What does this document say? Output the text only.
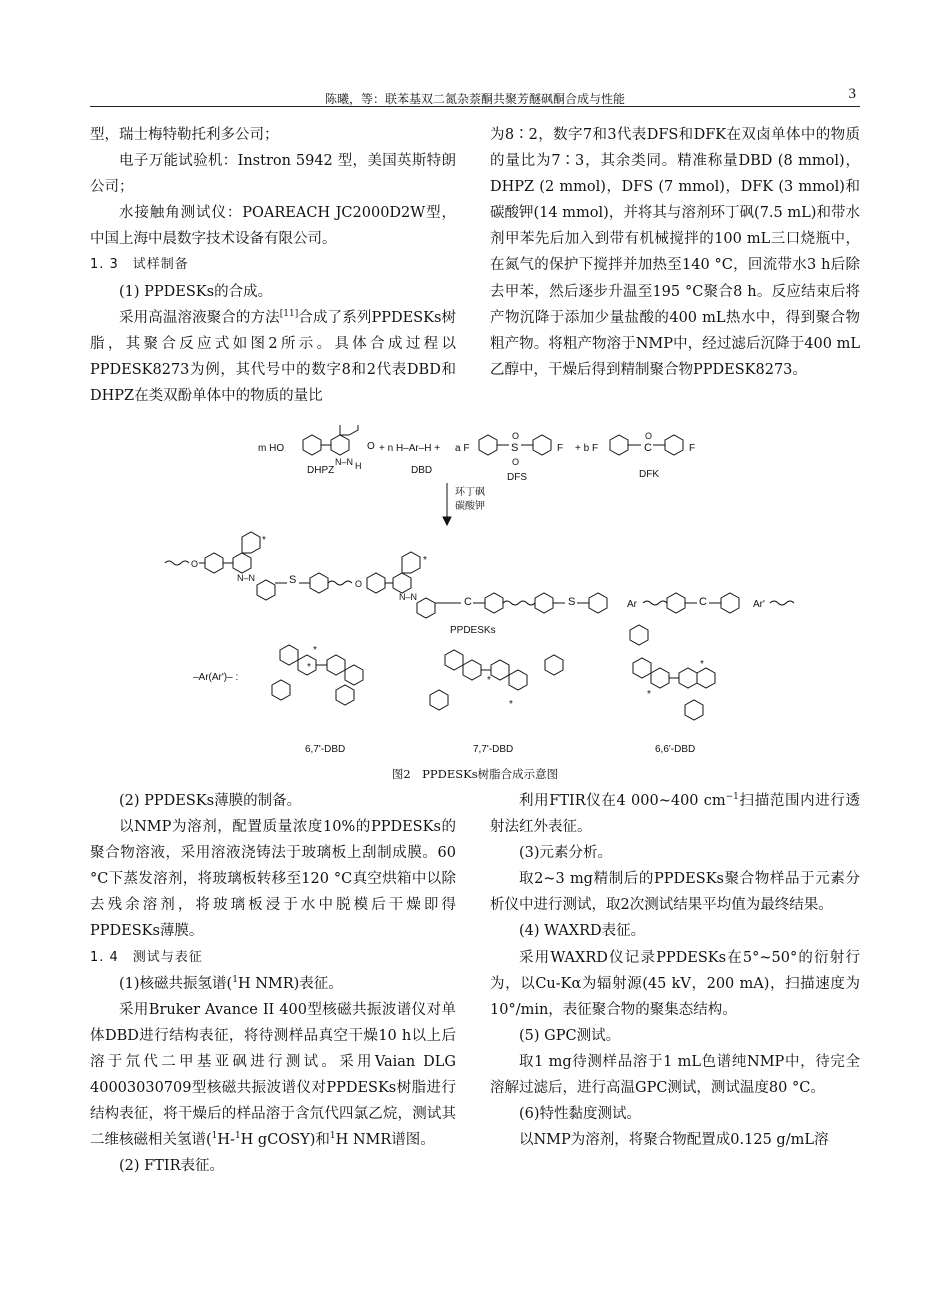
陈曦，等：联苯基双二氮杂萘酮共聚芳醚砜酮合成与性能	3

型，瑞士梅特勒托利多公司；

电子万能试验机：Instron 5942 型，美国英斯特朗公司；

水接触角测试仪：POAREACH JC2000D2W型，中国上海中晨数字技术设备有限公司。

1. 3　试样制备

(1) PPDESKs的合成。

采用高温溶液聚合的方法[11]合成了系列PPDESKs树脂，其聚合反应式如图2所示。具体合成过程以PPDESK8273为例，其代号中的数字8和2代表DBD和DHPZ在类双酚单体中的物质的量比

为8∶2，数字7和3代表DFS和DFK在双卤单体中的物质的量比为7∶3，其余类同。精准称量DBD (8 mmol)，DHPZ (2 mmol)，DFS (7 mmol)，DFK (3 mmol)和碳酸钾(14 mmol)，并将其与溶剂环丁砜(7.5 mL)和带水剂甲苯先后加入到带有机械搅拌的100 mL三口烧瓶中，在氮气的保护下搅拌并加热至140 °C，回流带水3 h后除去甲苯，然后逐步升温至195 °C聚合8 h。反应结束后将产物沉降于添加少量盐酸的400 mL热水中，得到聚合物粗产物。将粗产物溶于NMP中，经过滤后沉降于400 mL乙醇中，干燥后得到精制聚合物PPDESK8273。

m HO	O
N–N H
DHPZ
+ n H–Ar–H +
DBD
a F	S
O
O
F
DFS
+ b F	C
O
F
DFK
环丁砜
碳酸钾
O
*
N–N	S	O
*
N–N	C	S	Ar	C	Ar'
PPDESKs
–Ar(Ar')– :
*
*
6,7'-DBD
*
*
7,7'-DBD
*
*
6,6'-DBD
图2　PPDESKs树脂合成示意图

(2) PPDESKs薄膜的制备。

以NMP为溶剂，配置质量浓度10%的PPDESKs的聚合物溶液，采用溶液浇铸法于玻璃板上刮制成膜。60 °C下蒸发溶剂，将玻璃板转移至120 °C真空烘箱中以除去残余溶剂，将玻璃板浸于水中脱模后干燥即得PPDESKs薄膜。

1. 4　测试与表征

(1)核磁共振氢谱($^1$H NMR)表征。

采用Bruker Avance II 400型核磁共振波谱仪对单体DBD进行结构表征，将待测样品真空干燥10 h以上后溶于氘代二甲基亚砜进行测试。采用Vaian DLG 40003030709型核磁共振波谱仪对PPDESKs树脂进行结构表征，将干燥后的样品溶于含氘代四氯乙烷，测试其二维核磁相关氢谱($^1$H-$^1$H gCOSY)和$^1$H NMR谱图。

(2) FTIR表征。

利用FTIR仪在4 000~400 $cm^{-1}$扫描范围内进行透射法红外表征。

(3)元素分析。

取2~3 mg精制后的PPDESKs聚合物样品于元素分析仪中进行测试，取2次测试结果平均值为最终结果。

(4) WAXRD表征。

采用WAXRD仪记录PPDESKs在5°~50°的衍射行为，以Cu-Kα为辐射源(45 kV，200 mA)，扫描速度为10°/min，表征聚合物的聚集态结构。

(5) GPC测试。

取1 mg待测样品溶于1 mL色谱纯NMP中，待完全溶解过滤后，进行高温GPC测试，测试温度80 °C。

(6)特性黏度测试。

以NMP为溶剂，将聚合物配置成0.125 g/mL溶
